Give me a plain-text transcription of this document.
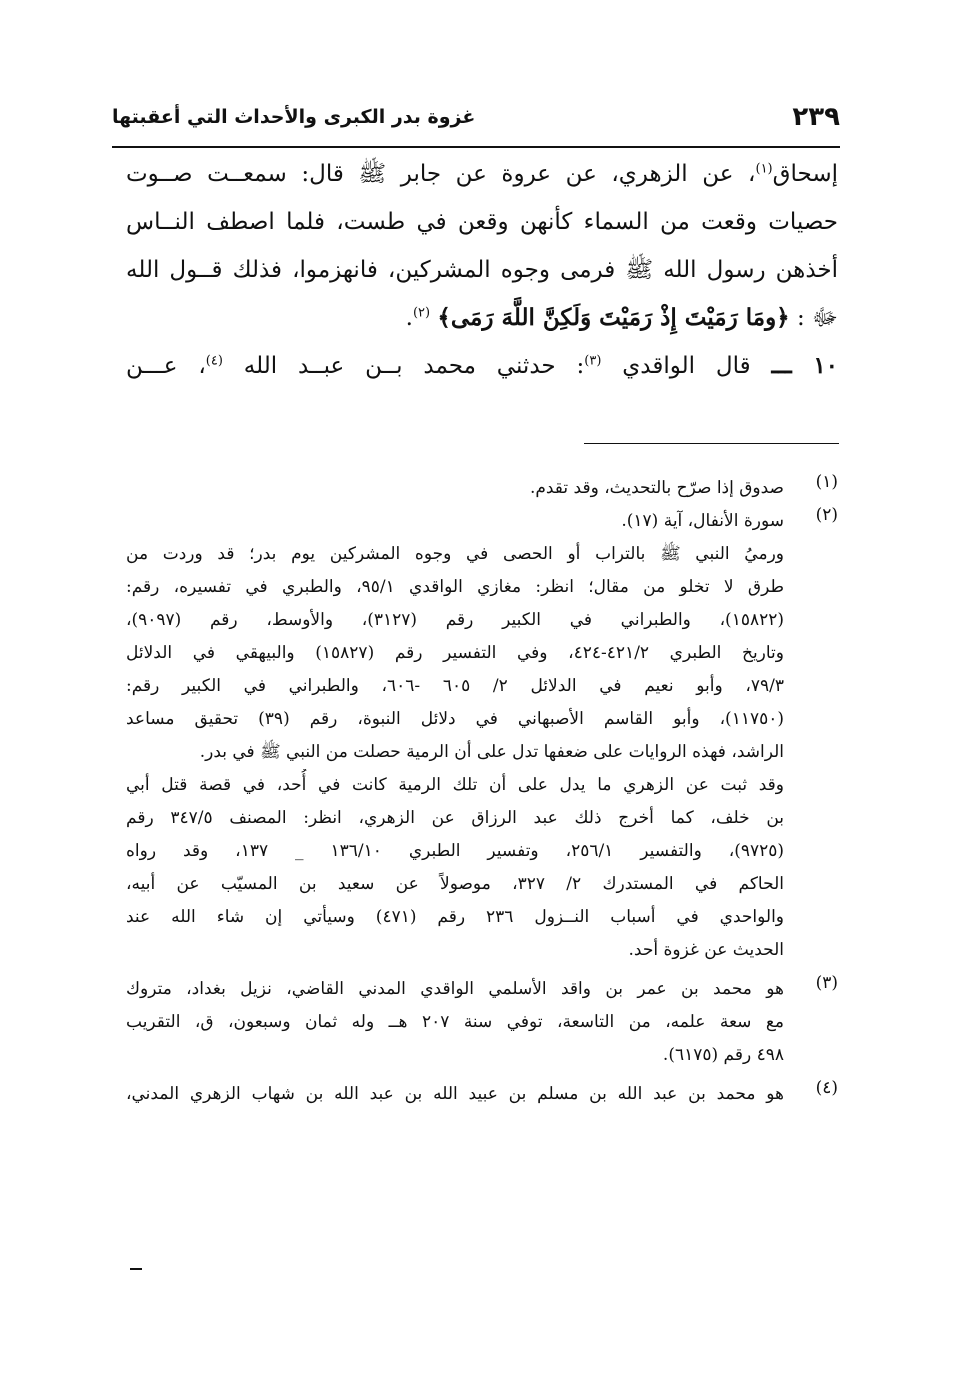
٢٣٩
غزوة بدر الكبرى والأحداث التي أعقبتها
إسحاق$^{(١)}$، عن الزهري، عن عروة عن جابر ﷺ قال: سمعــت صــوت
حصيات وقعت من السماء كأنهن وقعن في طست، فلما اصطف النــاس
أخذهن رسول الله ﷺ فرمى وجوه المشركين، فانهزموا، فذلك قــول الله
ﷻ : ﴿ومَا رَمَيْتَ إِذْ رَمَيْتَ وَلَكِنَّ اللَّهَ رَمَى﴾ $^{(٢)}$.
١٠ ـــ قال الواقدي $^{(٣)}$: حدثني محمد بــن عبــد الله $^{(٤)}$، عـــن
(١)
صدوق إذا صرّح بالتحديث، وقد تقدم.
(٢)
سورة الأنفال، آية (١٧).
ورميُ النبي ﷺ بالتراب أو الحصى في وجوه المشركين يوم بدر؛ قد وردت من
طرق لا تخلو من مقال؛ انظر: مغازي الواقدي ٩٥/١، والطبري في تفسيره، رقم:
(١٥٨٢٢)، والطبراني في الكبير رقم (٣١٢٧)، والأوسط، رقم (٩٠٩٧)،
وتاريخ الطبري ٤٢١/٢-٤٢٤، وفي التفسير رقم (١٥٨٢٧) والبيهقي في الدلائل
٧٩/٣، وأبو نعيم في الدلائل ٢/ ٦٠٥ -٦٠٦، والطبراني في الكبير رقم:
(١١٧٥٠)، وأبو القاسم الأصبهاني في دلائل النبوة، رقم (٣٩) تحقيق مساعد
الراشد، فهذه الروايات على ضعفها تدل على أن الرمية حصلت من النبي ﷺ في بدر.
وقد ثبت عن الزهري ما يدل على أن تلك الرمية كانت في أُحد، في قصة قتل أبي
بن خلف، كما أخرج ذلك عبد الرزاق عن الزهري، انظر: المصنف ٣٤٧/٥ رقم
(٩٧٢٥)، والتفسير ٢٥٦/١، وتفسير الطبري ١٣٦/١٠ _ ١٣٧، وقد رواه
الحاكم في المستدرك ٢/ ٣٢٧، موصولاً عن سعيد بن المسيّب عن أبيه،
والواحدي في أسباب النــزول ٢٣٦ رقم (٤٧١) وسيأتي إن شاء الله عند
الحديث عن غزوة أحد.
(٣)
هو محمد بن عمر بن واقد الأسلمي الواقدي المدني القاضي، نزيل بغداد، متروك
مع سعة علمه، من التاسعة، توفي سنة ٢٠٧ هــ وله ثمان وسبعون، ق، التقريب
٤٩٨ رقم (٦١٧٥).
(٤)
هو محمد بن عبد الله بن مسلم بن عبيد الله بن عبد الله بن شهاب الزهري المدني،
